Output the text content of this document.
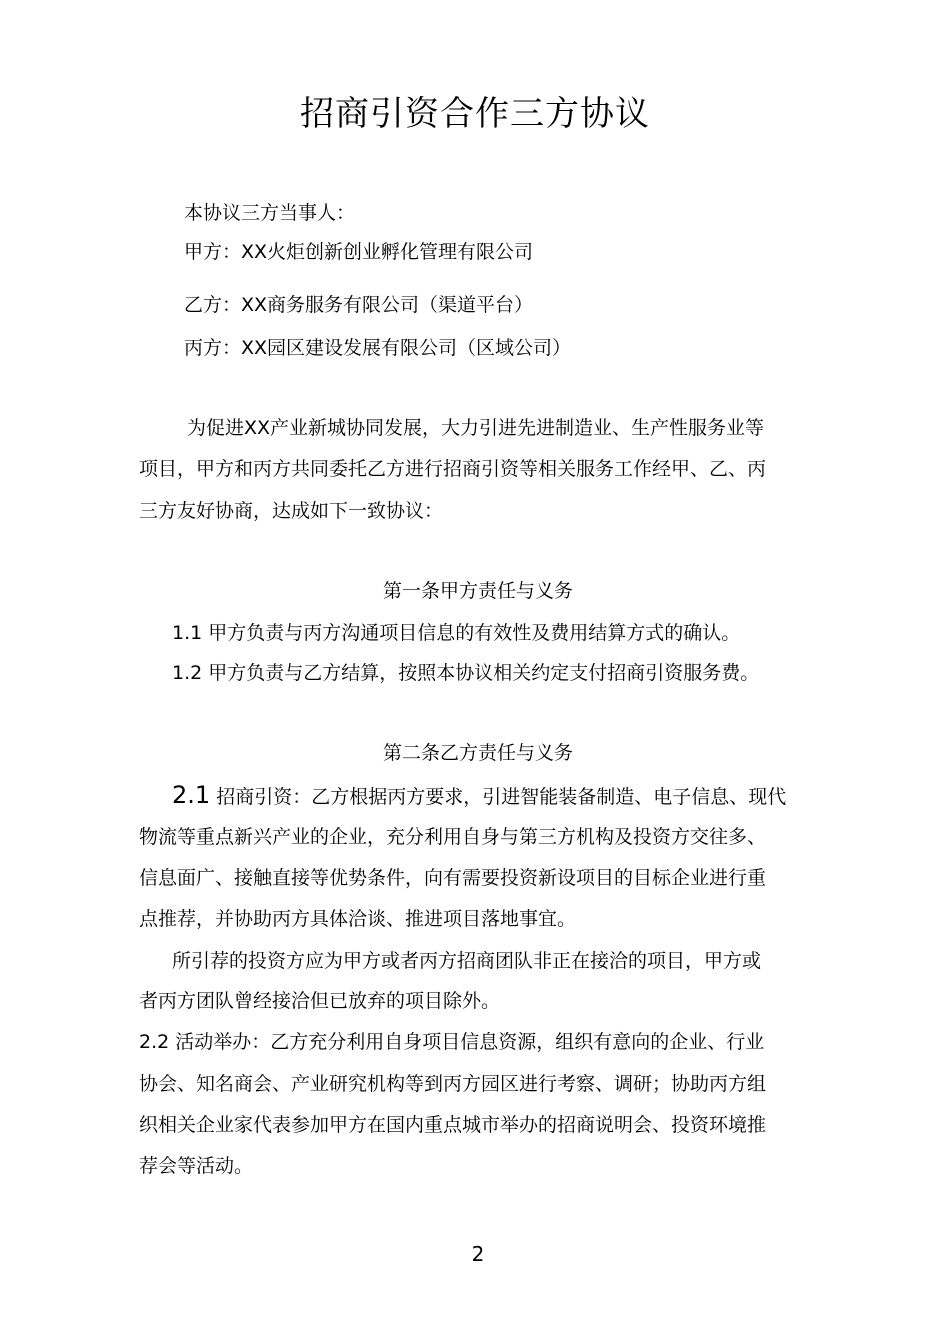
招商引资合作三方协议
本协议三方当事人：
甲方：XX火炬创新创业孵化管理有限公司
乙方：XX商务服务有限公司（渠道平台）
丙方：XX园区建设发展有限公司（区域公司）
为促进XX产业新城协同发展，大力引进先进制造业、生产性服务业等
项目，甲方和丙方共同委托乙方进行招商引资等相关服务工作经甲、乙、丙
三方友好协商，达成如下一致协议：
第一条甲方责任与义务
1.1 甲方负责与丙方沟通项目信息的有效性及费用结算方式的确认。
1.2 甲方负责与乙方结算，按照本协议相关约定支付招商引资服务费。
第二条乙方责任与义务
2.1 招商引资：乙方根据丙方要求，引进智能装备制造、电子信息、现代
物流等重点新兴产业的企业，充分利用自身与第三方机构及投资方交往多、
信息面广、接触直接等优势条件，向有需要投资新设项目的目标企业进行重
点推荐，并协助丙方具体洽谈、推进项目落地事宜。
所引荐的投资方应为甲方或者丙方招商团队非正在接洽的项目，甲方或
者丙方团队曾经接洽但已放弃的项目除外。
2.2 活动举办：乙方充分利用自身项目信息资源，组织有意向的企业、行业
协会、知名商会、产业研究机构等到丙方园区进行考察、调研；协助丙方组
织相关企业家代表参加甲方在国内重点城市举办的招商说明会、投资环境推
荐会等活动。
2
